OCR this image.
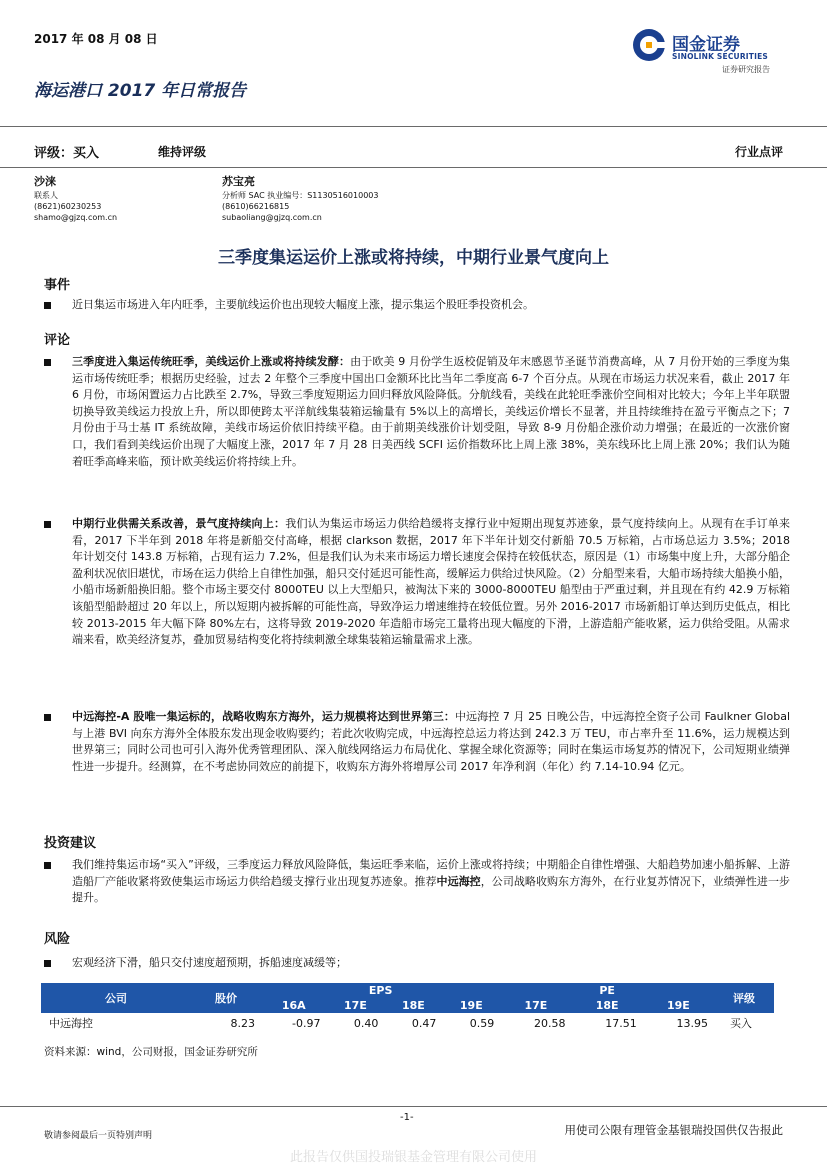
2017 年 08 月 08 日
海运港口 2017 年日常报告
国金证券
SINOLINK SECURITIES
证券研究报告
评级：买入	维持评级	行业点评
沙涞
联系人
(8621)60230253
shamo@gjzq.com.cn
苏宝亮
分析师 SAC 执业编号：S1130516010003
(8610)66216815
subaoliang@gjzq.com.cn
三季度集运运价上涨或将持续，中期行业景气度向上
事件
近日集运市场进入年内旺季，主要航线运价也出现较大幅度上涨，提示集运个股旺季投资机会。
评论
三季度进入集运传统旺季，美线运价上涨或将持续发酵：由于欧美 9 月份学生返校促销及年末感恩节圣诞节消费高峰，从 7 月份开始的三季度为集运市场传统旺季；根据历史经验，过去 2 年整个三季度中国出口金额环比比当年二季度高 6-7 个百分点。从现在市场运力状况来看，截止 2017 年 6 月份，市场闲置运力占比跌至 2.7%，导致三季度短期运力回归释放风险降低。分航线看，美线在此轮旺季涨价空间相对比较大；今年上半年联盟切换导致美线运力投放上升，所以即使跨太平洋航线集装箱运输量有 5%以上的高增长，美线运价增长不显著，并且持续维持在盈亏平衡点之下；7 月份由于马士基 IT 系统故障，美线市场运价依旧持续平稳。由于前期美线涨价计划受阻，导致 8-9 月份船企涨价动力增强；在最近的一次涨价窗口，我们看到美线运价出现了大幅度上涨，2017 年 7 月 28 日美西线 SCFI 运价指数环比上周上涨 38%，美东线环比上周上涨 20%；我们认为随着旺季高峰来临，预计欧美线运价将持续上升。
中期行业供需关系改善，景气度持续向上：我们认为集运市场运力供给趋缓将支撑行业中短期出现复苏迹象，景气度持续向上。从现有在手订单来看，2017 下半年到 2018 年将是新船交付高峰，根据 clarkson 数据，2017 年下半年计划交付新船 70.5 万标箱，占市场总运力 3.5%；2018 年计划交付 143.8 万标箱，占现有运力 7.2%，但是我们认为未来市场运力增长速度会保持在较低状态，原因是（1）市场集中度上升，大部分船企盈利状况依旧堪忧，市场在运力供给上自律性加强，船只交付延迟可能性高，缓解运力供给过快风险。（2）分船型来看，大船市场持续大船换小船，小船市场新船换旧船。整个市场主要交付 8000TEU 以上大型船只，被淘汰下来的 3000-8000TEU 船型由于严重过剩，并且现在有约 42.9 万标箱该船型船龄超过 20 年以上，所以短期内被拆解的可能性高，导致净运力增速维持在较低位置。另外 2016-2017 市场新船订单达到历史低点，相比较 2013-2015 年大幅下降 80%左右，这将导致 2019-2020 年造船市场完工量将出现大幅度的下滑，上游造船产能收紧，运力供给受阻。从需求端来看，欧美经济复苏，叠加贸易结构变化将持续刺激全球集装箱运输量需求上涨。
中远海控-A 股唯一集运标的，战略收购东方海外，运力规模将达到世界第三：中远海控 7 月 25 日晚公告，中远海控全资子公司 Faulkner Global 与上港 BVI 向东方海外全体股东发出现金收购要约；若此次收购完成，中远海控总运力将达到 242.3 万 TEU，市占率升至 11.6%，运力规模达到世界第三；同时公司也可引入海外优秀管理团队、深入航线网络运力布局优化、掌握全球化资源等；同时在集运市场复苏的情况下，公司短期业绩弹性进一步提升。经测算，在不考虑协同效应的前提下，收购东方海外将增厚公司 2017 年净利润（年化）约 7.14-10.94 亿元。
投资建议
我们维持集运市场“买入”评级，三季度运力释放风险降低，集运旺季来临，运价上涨或将持续；中期船企自律性增强、大船趋势加速小船拆解、上游造船厂产能收紧将致使集运市场运力供给趋缓支撑行业出现复苏迹象。推荐中远海控，公司战略收购东方海外，在行业复苏情况下，业绩弹性进一步提升。
风险
宏观经济下滑，船只交付速度超预期，拆船速度减缓等；
公司	股价	EPS				PE			评级
		16A	17E	18E	19E	17E	18E	19E	
中远海控	8.23	-0.97	0.40	0.47	0.59	20.58	17.51	13.95	买入
资料来源：wind，公司财报，国金证券研究所
-1-
敬请参阅最后一页特别声明	用使司公限有理管金基银瑞投国供仅告报此
此报告仅供国投瑞银基金管理有限公司使用
